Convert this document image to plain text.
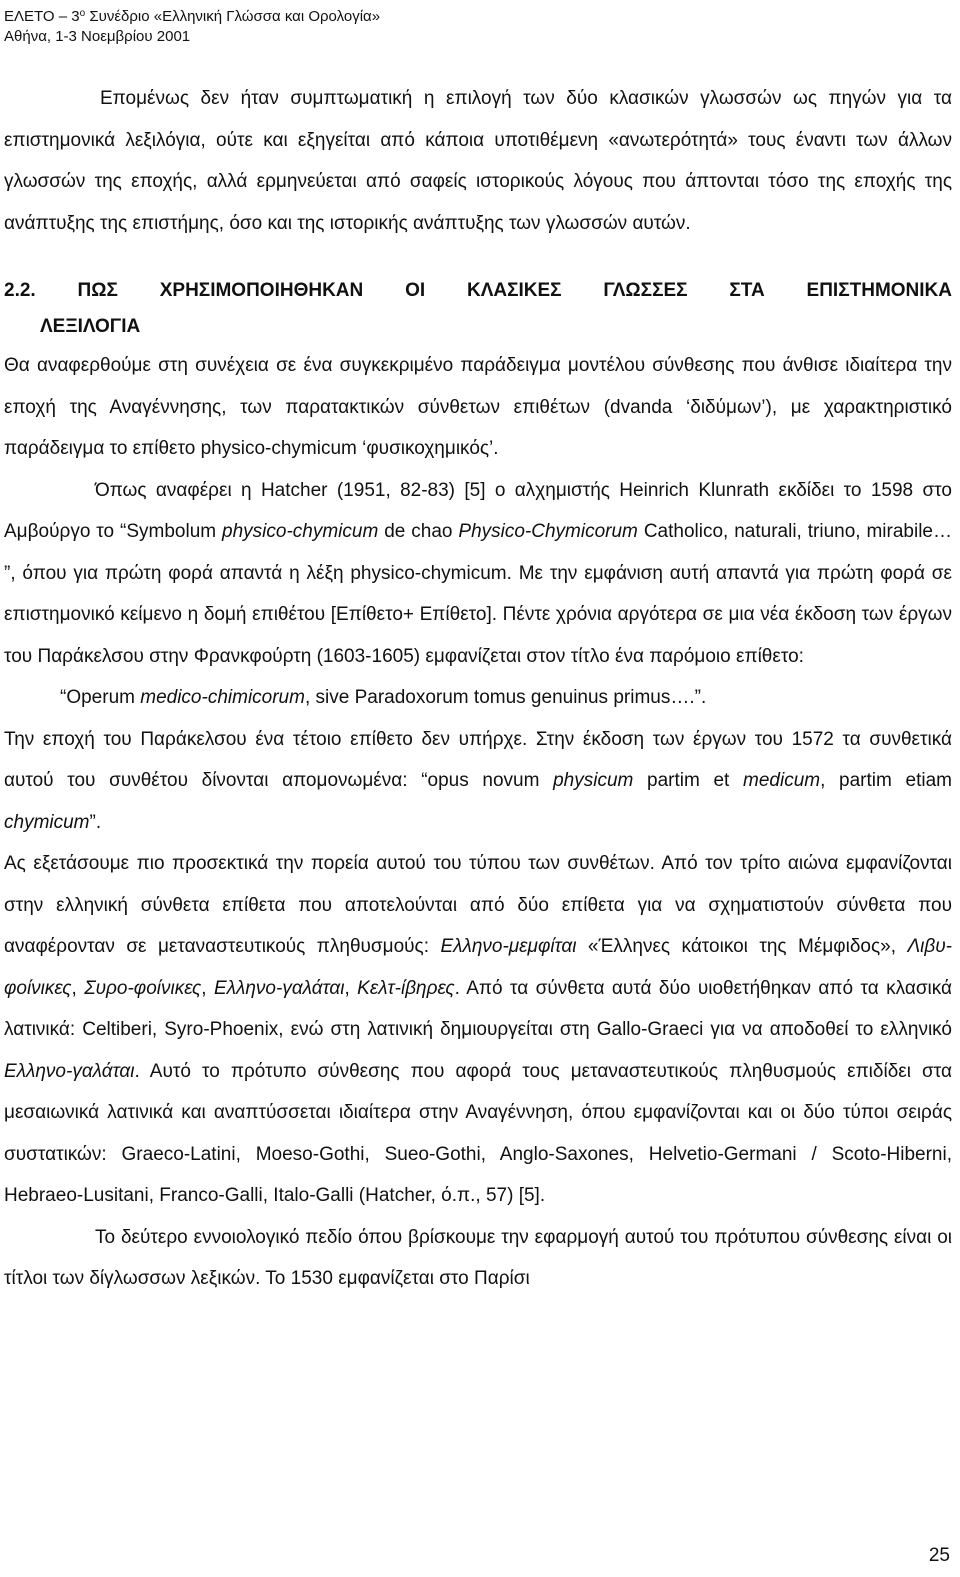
ΕΛΕΤΟ – $3^o$ Συνέδριο «Ελληνική Γλώσσα και Ορολογία»
Αθήνα, 1-3 Νοεμβρίου 2001

Επομένως δεν ήταν συμπτωματική η επιλογή των δύο κλασικών γλωσσών ως πηγών για τα επιστημονικά λεξιλόγια, ούτε και εξηγείται από κάποια υποτιθέμενη «ανωτερότητά» τους έναντι των άλλων γλωσσών της εποχής, αλλά ερμηνεύεται από σαφείς ιστορικούς λόγους που άπτονται τόσο της εποχής της ανάπτυξης της επιστήμης, όσο και της ιστορικής ανάπτυξης των γλωσσών αυτών.

2.2. ΠΩΣ ΧΡΗΣΙΜΟΠΟΙΗΘΗΚΑΝ ΟΙ ΚΛΑΣΙΚΕΣ ΓΛΩΣΣΕΣ ΣΤΑ ΕΠΙΣΤΗΜΟΝΙΚΑ
ΛΕΞΙΛΟΓΙΑ

Θα αναφερθούμε στη συνέχεια σε ένα συγκεκριμένο παράδειγμα μοντέλου σύνθεσης που άνθισε ιδιαίτερα την εποχή της Αναγέννησης, των παρατακτικών σύνθετων επιθέτων (dvanda ‘διδύμων’), με χαρακτηριστικό παράδειγμα το επίθετο physico-chymicum ‘φυσικοχημικός’.

Όπως αναφέρει η Hatcher (1951, 82-83) [5] ο αλχημιστής Heinrich Klunrath εκδίδει το 1598 στο Αμβούργο το “Symbolum physico-chymicum de chao Physico-Chymicorum Catholico, naturali, triuno, mirabile… ”, όπου για πρώτη φορά απαντά η λέξη physico-chymicum. Με την εμφάνιση αυτή απαντά για πρώτη φορά σε επιστημονικό κείμενο η δομή επιθέτου [Επίθετο+ Επίθετο]. Πέντε χρόνια αργότερα σε μια νέα έκδοση των έργων του Παράκελσου στην Φρανκφούρτη (1603-1605) εμφανίζεται στον τίτλο ένα παρόμοιο επίθετο:

“Operum medico-chimicorum, sive Paradoxorum tomus genuinus primus….”.

Την εποχή του Παράκελσου ένα τέτοιο επίθετο δεν υπήρχε. Στην έκδοση των έργων του 1572 τα συνθετικά αυτού του συνθέτου δίνονται απομονωμένα: “opus novum physicum partim et medicum, partim etiam chymicum”.

Ας εξετάσουμε πιο προσεκτικά την πορεία αυτού του τύπου των συνθέτων. Από τον τρίτο αιώνα εμφανίζονται στην ελληνική σύνθετα επίθετα που αποτελούνται από δύο επίθετα για να σχηματιστούν σύνθετα που αναφέρονταν σε μεταναστευτικούς πληθυσμούς: Ελληνο-μεμφίται «Έλληνες κάτοικοι της Μέμφιδος», Λιβυ-φοίνικες, Συρο-φοίνικες, Ελληνο-γαλάται, Κελτ-ίβηρες. Από τα σύνθετα αυτά δύο υιοθετήθηκαν από τα κλασικά λατινικά: Celtiberi, Syro-Phoenix, ενώ στη λατινική δημιουργείται στη Gallo-Graeci για να αποδοθεί το ελληνικό Ελληνο-γαλάται. Αυτό το πρότυπο σύνθεσης που αφορά τους μεταναστευτικούς πληθυσμούς επιδίδει στα μεσαιωνικά λατινικά και αναπτύσσεται ιδιαίτερα στην Αναγέννηση, όπου εμφανίζονται και οι δύο τύποι σειράς συστατικών: Graeco-Latini, Moeso-Gothi, Sueo-Gothi, Anglo-Saxones, Helvetio-Germani / Scoto-Hiberni, Hebraeo-Lusitani, Franco-Galli, Italo-Galli (Hatcher, ό.π., 57) [5].

Το δεύτερο εννοιολογικό πεδίο όπου βρίσκουμε την εφαρμογή αυτού του πρότυπου σύνθεσης είναι οι τίτλοι των δίγλωσσων λεξικών. Το 1530 εμφανίζεται στο Παρίσι

25
